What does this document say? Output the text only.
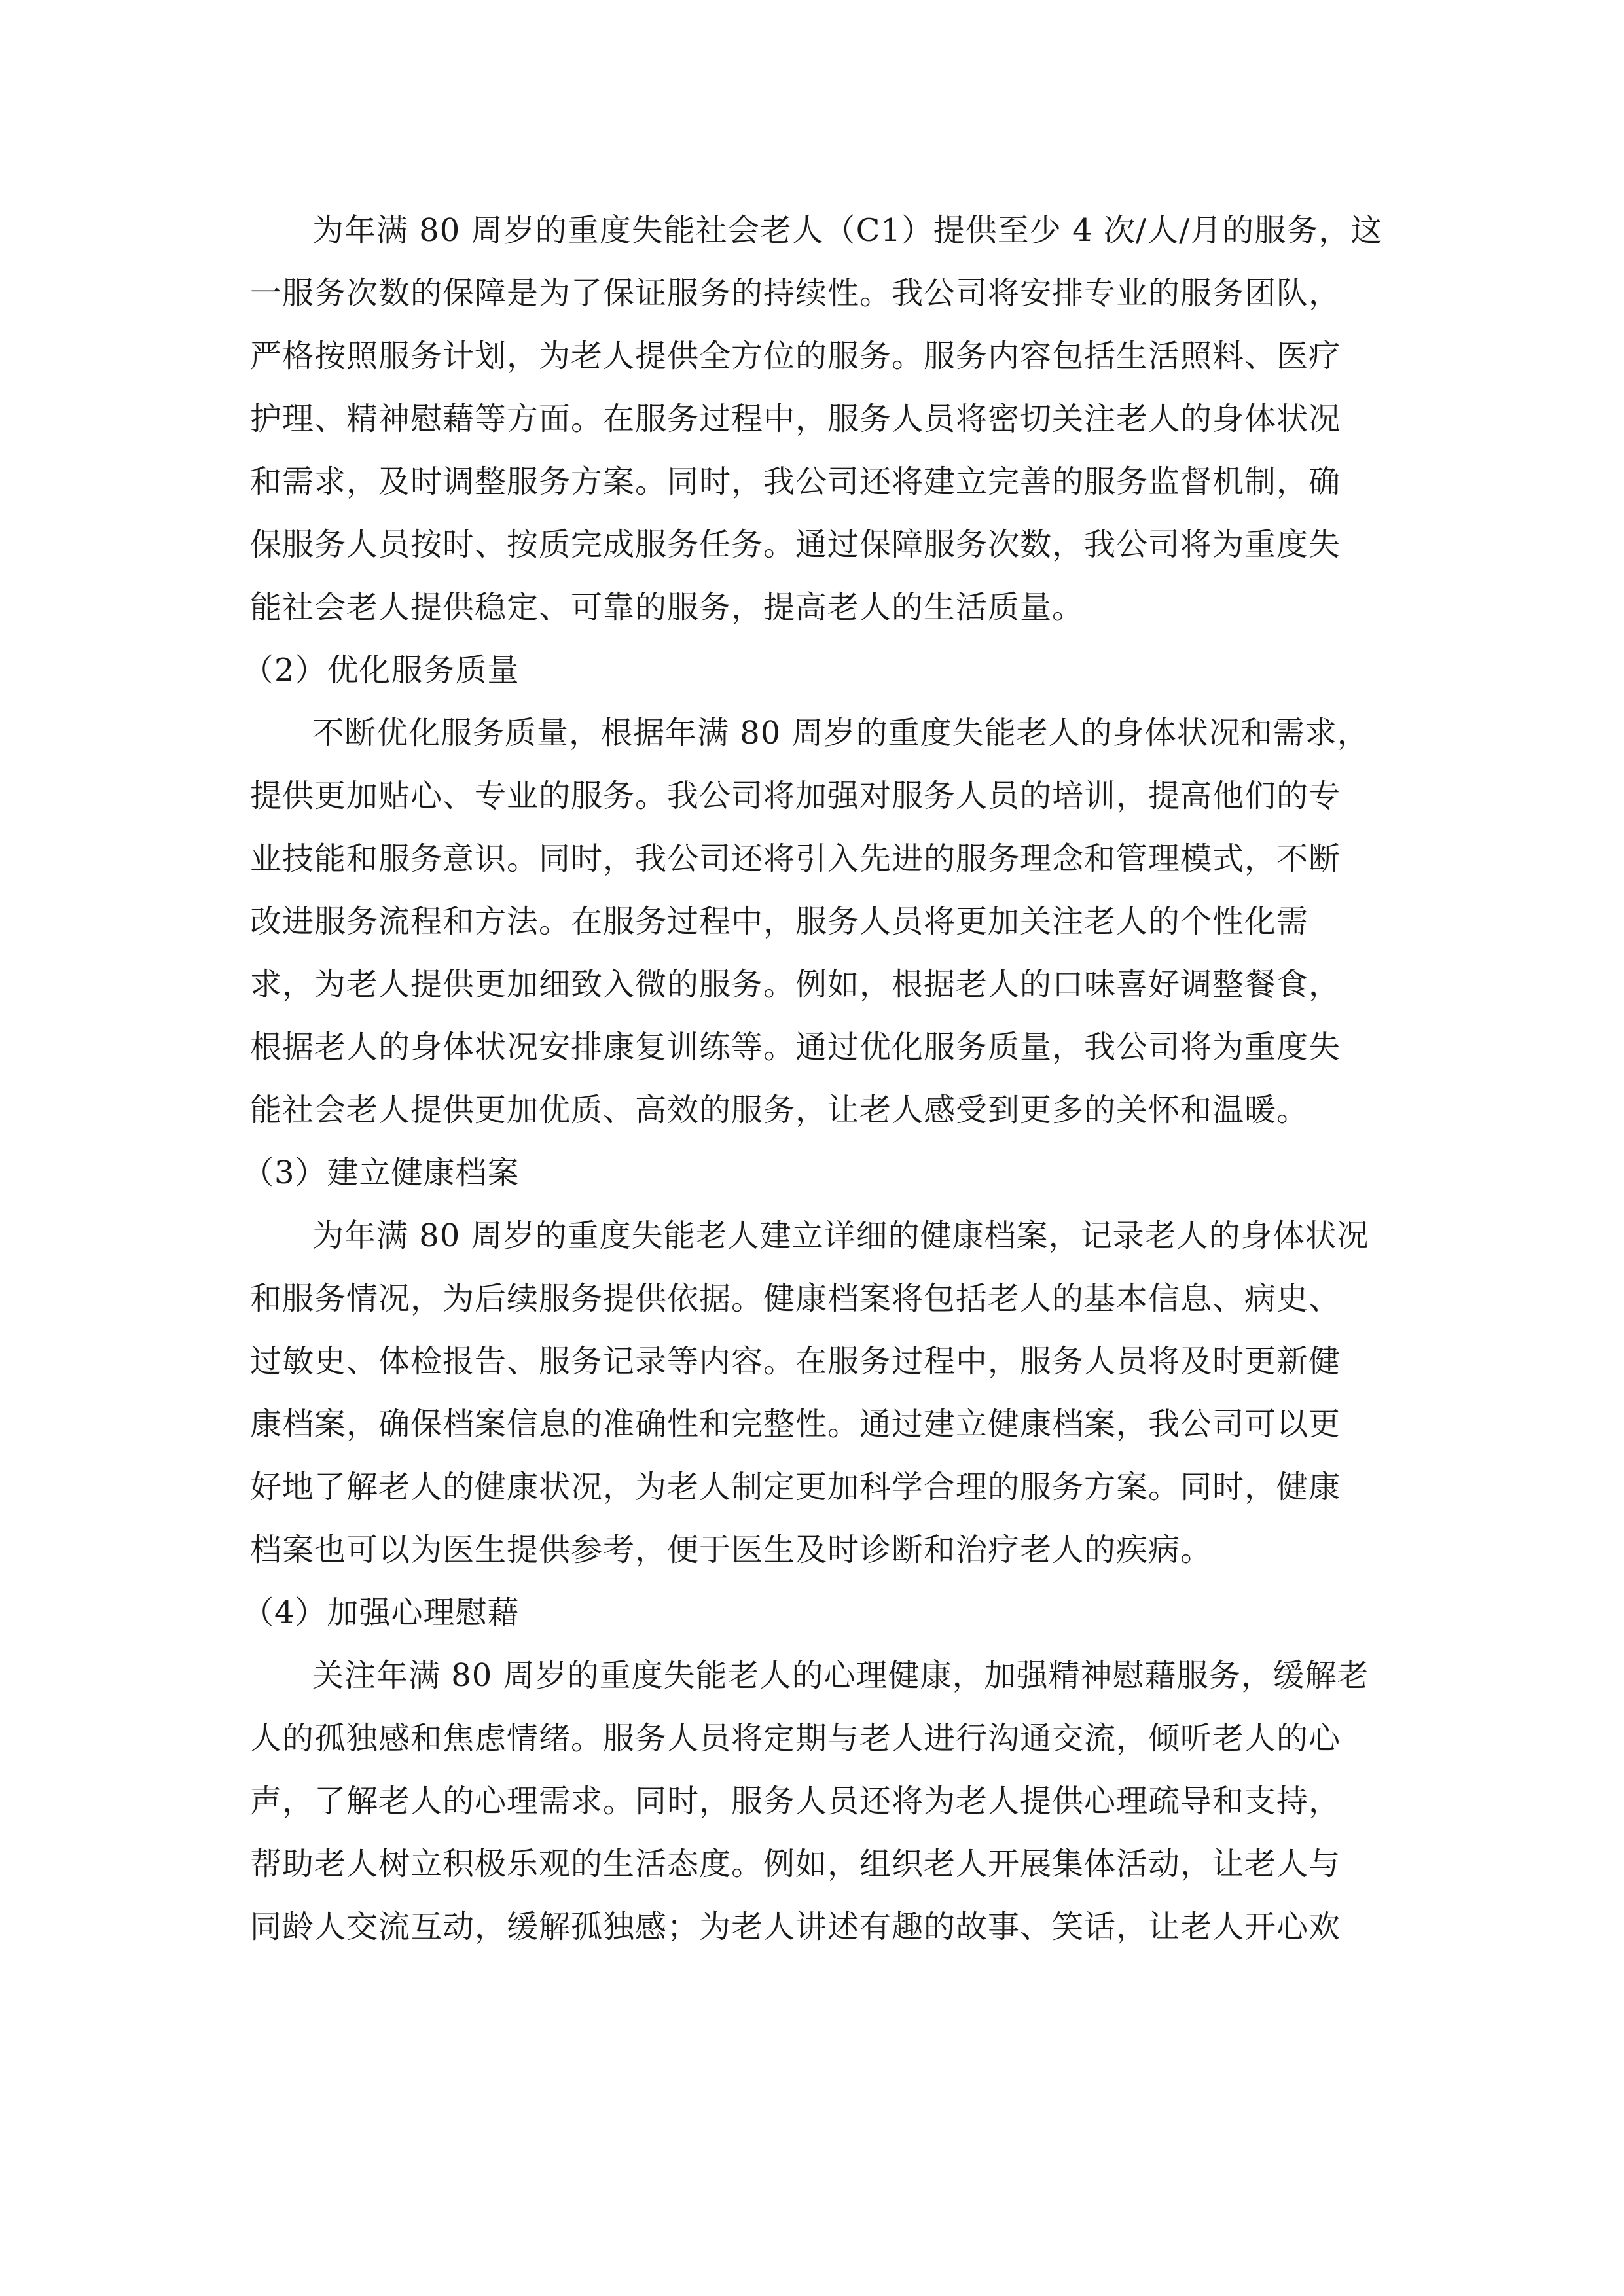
为年满 80 周岁的重度失能社会老人（C1）提供至少 4 次/人/月的服务，这
一服务次数的保障是为了保证服务的持续性。我公司将安排专业的服务团队，
严格按照服务计划，为老人提供全方位的服务。服务内容包括生活照料、医疗
护理、精神慰藉等方面。在服务过程中，服务人员将密切关注老人的身体状况
和需求，及时调整服务方案。同时，我公司还将建立完善的服务监督机制，确
保服务人员按时、按质完成服务任务。通过保障服务次数，我公司将为重度失
能社会老人提供稳定、可靠的服务，提高老人的生活质量。
（2）优化服务质量
不断优化服务质量，根据年满 80 周岁的重度失能老人的身体状况和需求，
提供更加贴心、专业的服务。我公司将加强对服务人员的培训，提高他们的专
业技能和服务意识。同时，我公司还将引入先进的服务理念和管理模式，不断
改进服务流程和方法。在服务过程中，服务人员将更加关注老人的个性化需
求，为老人提供更加细致入微的服务。例如，根据老人的口味喜好调整餐食，
根据老人的身体状况安排康复训练等。通过优化服务质量，我公司将为重度失
能社会老人提供更加优质、高效的服务，让老人感受到更多的关怀和温暖。
（3）建立健康档案
为年满 80 周岁的重度失能老人建立详细的健康档案，记录老人的身体状况
和服务情况，为后续服务提供依据。健康档案将包括老人的基本信息、病史、
过敏史、体检报告、服务记录等内容。在服务过程中，服务人员将及时更新健
康档案，确保档案信息的准确性和完整性。通过建立健康档案，我公司可以更
好地了解老人的健康状况，为老人制定更加科学合理的服务方案。同时，健康
档案也可以为医生提供参考，便于医生及时诊断和治疗老人的疾病。
（4）加强心理慰藉
关注年满 80 周岁的重度失能老人的心理健康，加强精神慰藉服务，缓解老
人的孤独感和焦虑情绪。服务人员将定期与老人进行沟通交流，倾听老人的心
声，了解老人的心理需求。同时，服务人员还将为老人提供心理疏导和支持，
帮助老人树立积极乐观的生活态度。例如，组织老人开展集体活动，让老人与
同龄人交流互动，缓解孤独感；为老人讲述有趣的故事、笑话，让老人开心欢
